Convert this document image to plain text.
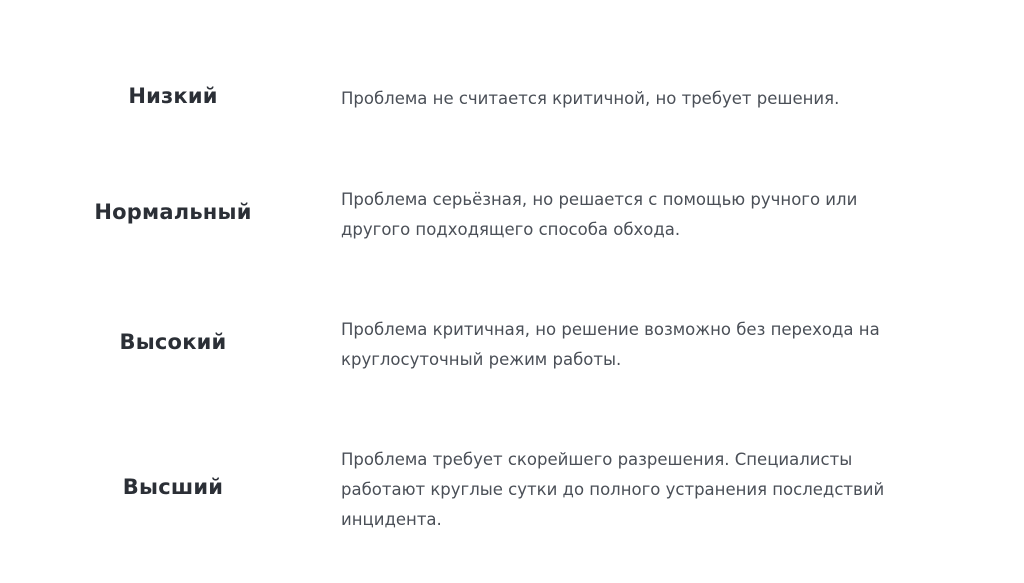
Низкий	Проблема не считается критичной, но требует решения.
Нормальный
Проблема серьёзная, но решается с помощью ручного или
другого подходящего способа обхода.
Высокий
Проблема критичная, но решение возможно без перехода на
круглосуточный режим работы.
Высший
Проблема требует скорейшего разрешения. Специалисты
работают круглые сутки до полного устранения последствий
инцидента.
